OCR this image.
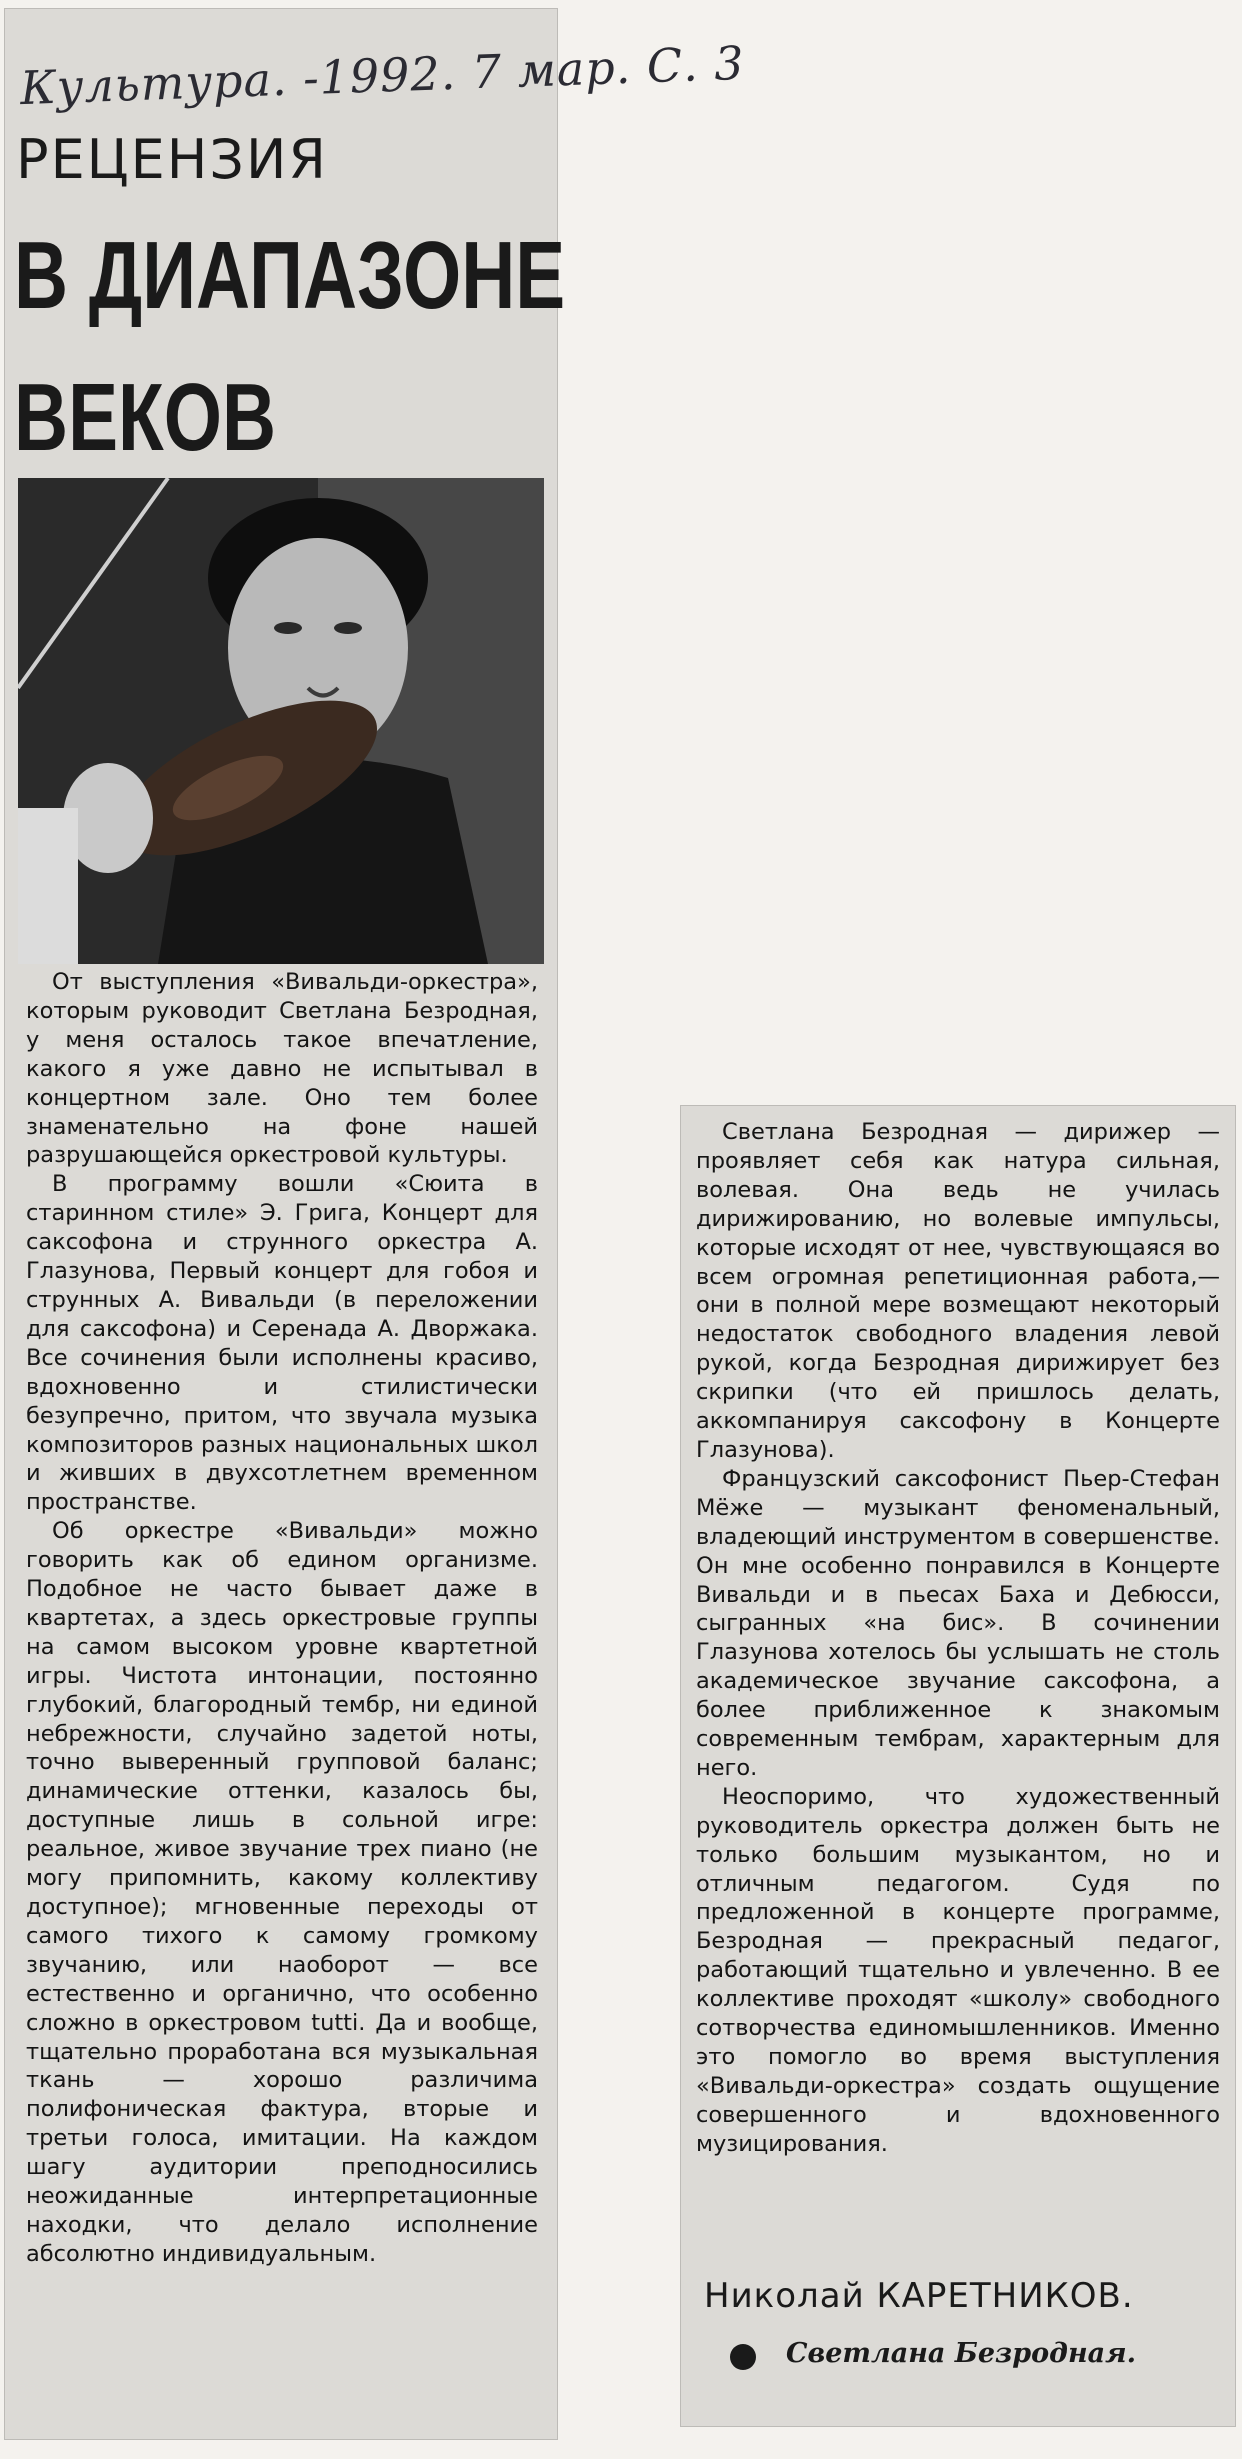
Культура. -1992. 7 мар. С. 3
РЕЦЕНЗИЯ
В ДИАПАЗОНЕ
ВЕКОВ

От выступления «Вивальди-оркестра», которым руководит Светлана Безродная, у меня осталось такое впечатление, какого я уже давно не испытывал в концертном зале. Оно тем более знаменательно на фоне нашей разрушающейся оркестровой культуры.

В программу вошли «Сюита в старинном стиле» Э. Грига, Концерт для саксофона и струнного оркестра А. Глазунова, Первый концерт для гобоя и струнных А. Вивальди (в переложении для саксофона) и Серенада А. Дворжака. Все сочинения были исполнены красиво, вдохновенно и стилистически безупречно, притом, что звучала музыка композиторов разных национальных школ и живших в двухсотлетнем временном пространстве.

Об оркестре «Вивальди» можно говорить как об едином организме. Подобное не часто бывает даже в квартетах, а здесь оркестровые группы на самом высоком уровне квартетной игры. Чистота интонации, постоянно глубокий, благородный тембр, ни единой небрежности, случайно задетой ноты, точно выверенный групповой баланс; динамические оттенки, казалось бы, доступные лишь в сольной игре: реальное, живое звучание трех пиано (не могу припомнить, какому коллективу доступное); мгновенные переходы от самого тихого к самому громкому звучанию, или наоборот — все естественно и органично, что особенно сложно в оркестровом tutti. Да и вообще, тщательно проработана вся музыкальная ткань — хорошо различима полифоническая фактура, вторые и третьи голоса, имитации. На каждом шагу аудитории преподносились неожиданные интерпретационные находки, что делало исполнение абсолютно индивидуальным.

Светлана Безродная — дирижер — проявляет себя как натура сильная, волевая. Она ведь не училась дирижированию, но волевые импульсы, которые исходят от нее, чувствующаяся во всем огромная репетиционная работа,— они в полной мере возмещают некоторый недостаток свободного владения левой рукой, когда Безродная дирижирует без скрипки (что ей пришлось делать, аккомпанируя саксофону в Концерте Глазунова).

Французский саксофонист Пьер-Стефан Мёже — музыкант феноменальный, владеющий инструментом в совершенстве. Он мне особенно понравился в Концерте Вивальди и в пьесах Баха и Дебюсси, сыгранных «на бис». В сочинении Глазунова хотелось бы услышать не столь академическое звучание саксофона, а более приближенное к знакомым современным тембрам, характерным для него.

Неоспоримо, что художественный руководитель оркестра должен быть не только большим музыкантом, но и отличным педагогом. Судя по предложенной в концерте программе, Безродная — прекрасный педагог, работающий тщательно и увлеченно. В ее коллективе проходят «школу» свободного сотворчества единомышленников. Именно это помогло во время выступления «Вивальди-оркестра» создать ощущение совершенного и вдохновенного музицирования.

Николай КАРЕТНИКОВ.
Светлана Безродная.
